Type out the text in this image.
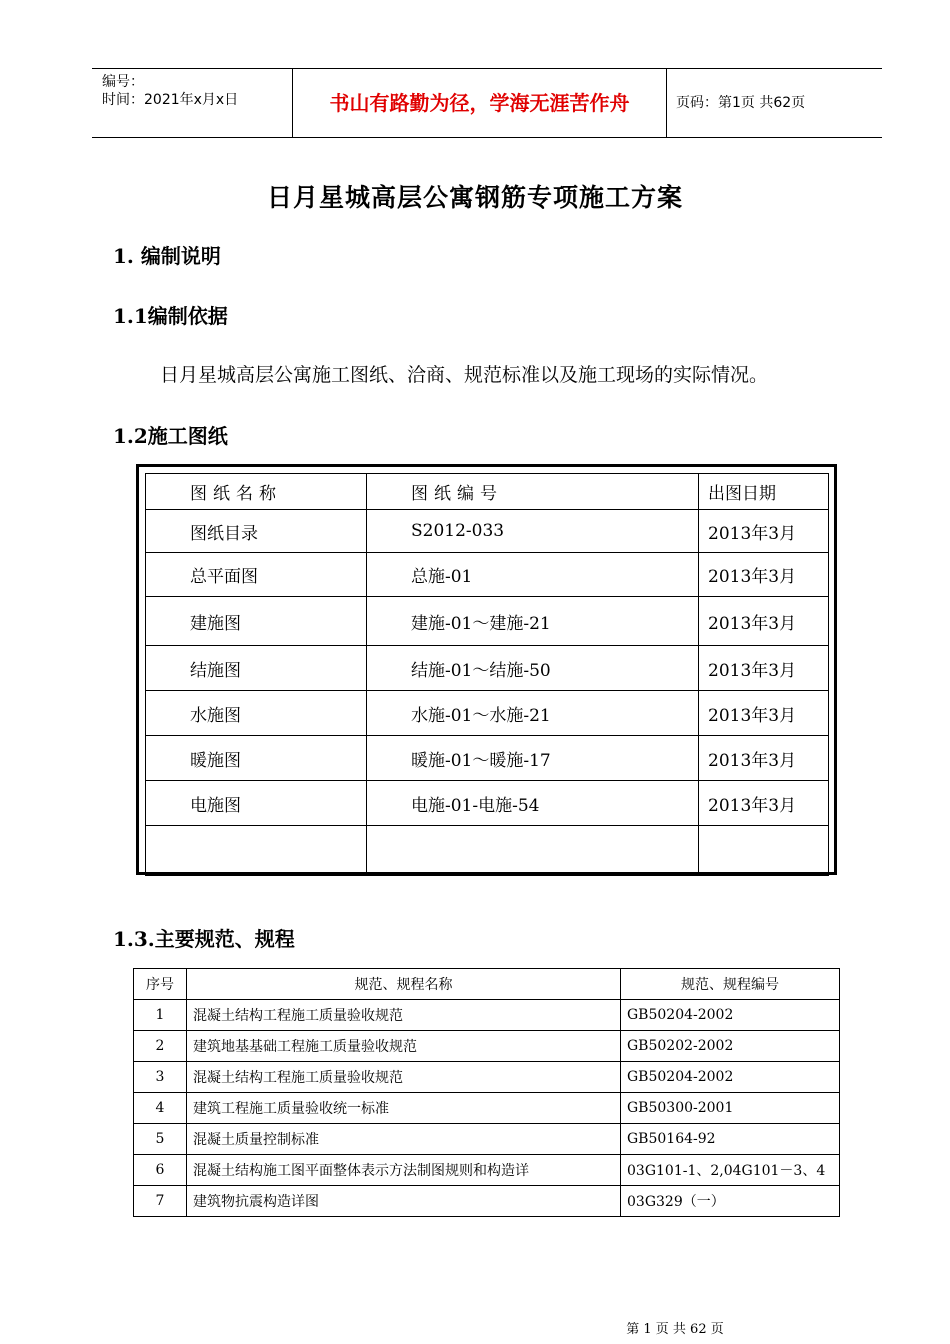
编号：
时间：2021年x月x日	书山有路勤为径，学海无涯苦作舟	页码：第1页 共62页
日月星城高层公寓钢筋专项施工方案
1. 编制说明
1.1编制依据
日月星城高层公寓施工图纸、洽商、规范标准以及施工现场的实际情况。
1.2施工图纸
图纸名称	图纸编号	出图日期
图纸目录	S2012-033	2013年3月
总平面图	总施-01	2013年3月
建施图	建施-01～建施-21	2013年3月
结施图	结施-01～结施-50	2013年3月
水施图	水施-01～水施-21	2013年3月
暖施图	暖施-01～暖施-17	2013年3月
电施图	电施-01-电施-54	2013年3月

1.3.主要规范、规程
序号	规范、规程名称	规范、规程编号
1	混凝土结构工程施工质量验收规范	GB50204-2002
2	建筑地基基础工程施工质量验收规范	GB50202-2002
3	混凝土结构工程施工质量验收规范	GB50204-2002
4	建筑工程施工质量验收统一标准	GB50300-2001
5	混凝土质量控制标准	GB50164-92
6	混凝土结构施工图平面整体表示方法制图规则和构造详	03G101-1、2,04G101－3、4
7	建筑物抗震构造详图	03G329（一）
第 1 页 共 62 页
